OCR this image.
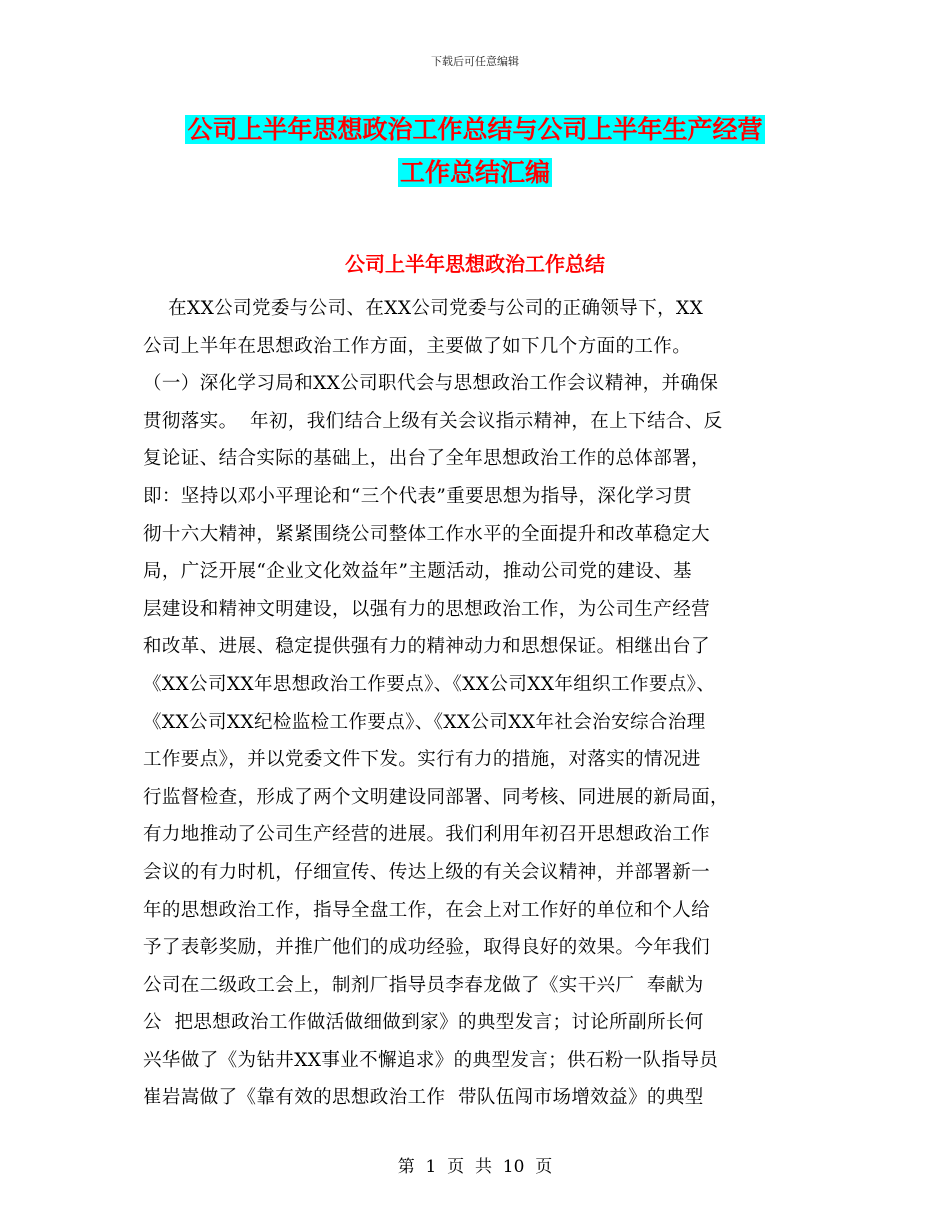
下载后可任意编辑
公司上半年思想政治工作总结与公司上半年生产经营
工作总结汇编
公司上半年思想政治工作总结
在XX公司党委与公司、在XX公司党委与公司的正确领导下，XX
公司上半年在思想政治工作方面，主要做了如下几个方面的工作。
（一）深化学习局和XX公司职代会与思想政治工作会议精神，并确保
贯彻落实。  年初，我们结合上级有关会议指示精神，在上下结合、反
复论证、结合实际的基础上，出台了全年思想政治工作的总体部署，
即：坚持以邓小平理论和“三个代表”重要思想为指导，深化学习贯
彻十六大精神，紧紧围绕公司整体工作水平的全面提升和改革稳定大
局，广泛开展“企业文化效益年”主题活动，推动公司党的建设、基
层建设和精神文明建设，以强有力的思想政治工作，为公司生产经营
和改革、进展、稳定提供强有力的精神动力和思想保证。相继出台了
《XX公司XX年思想政治工作要点》、《XX公司XX年组织工作要点》、
《XX公司XX纪检监检工作要点》、《XX公司XX年社会治安综合治理
工作要点》，并以党委文件下发。实行有力的措施，对落实的情况进
行监督检查，形成了两个文明建设同部署、同考核、同进展的新局面，
有力地推动了公司生产经营的进展。我们利用年初召开思想政治工作
会议的有力时机，仔细宣传、传达上级的有关会议精神，并部署新一
年的思想政治工作，指导全盘工作，在会上对工作好的单位和个人给
予了表彰奖励，并推广他们的成功经验，取得良好的效果。今年我们
公司在二级政工会上，制剂厂指导员李春龙做了《实干兴厂  奉献为
公  把思想政治工作做活做细做到家》的典型发言；讨论所副所长何
兴华做了《为钻井XX事业不懈追求》的典型发言；供石粉一队指导员
崔岩嵩做了《靠有效的思想政治工作  带队伍闯市场增效益》的典型
第  1  页  共  10  页
